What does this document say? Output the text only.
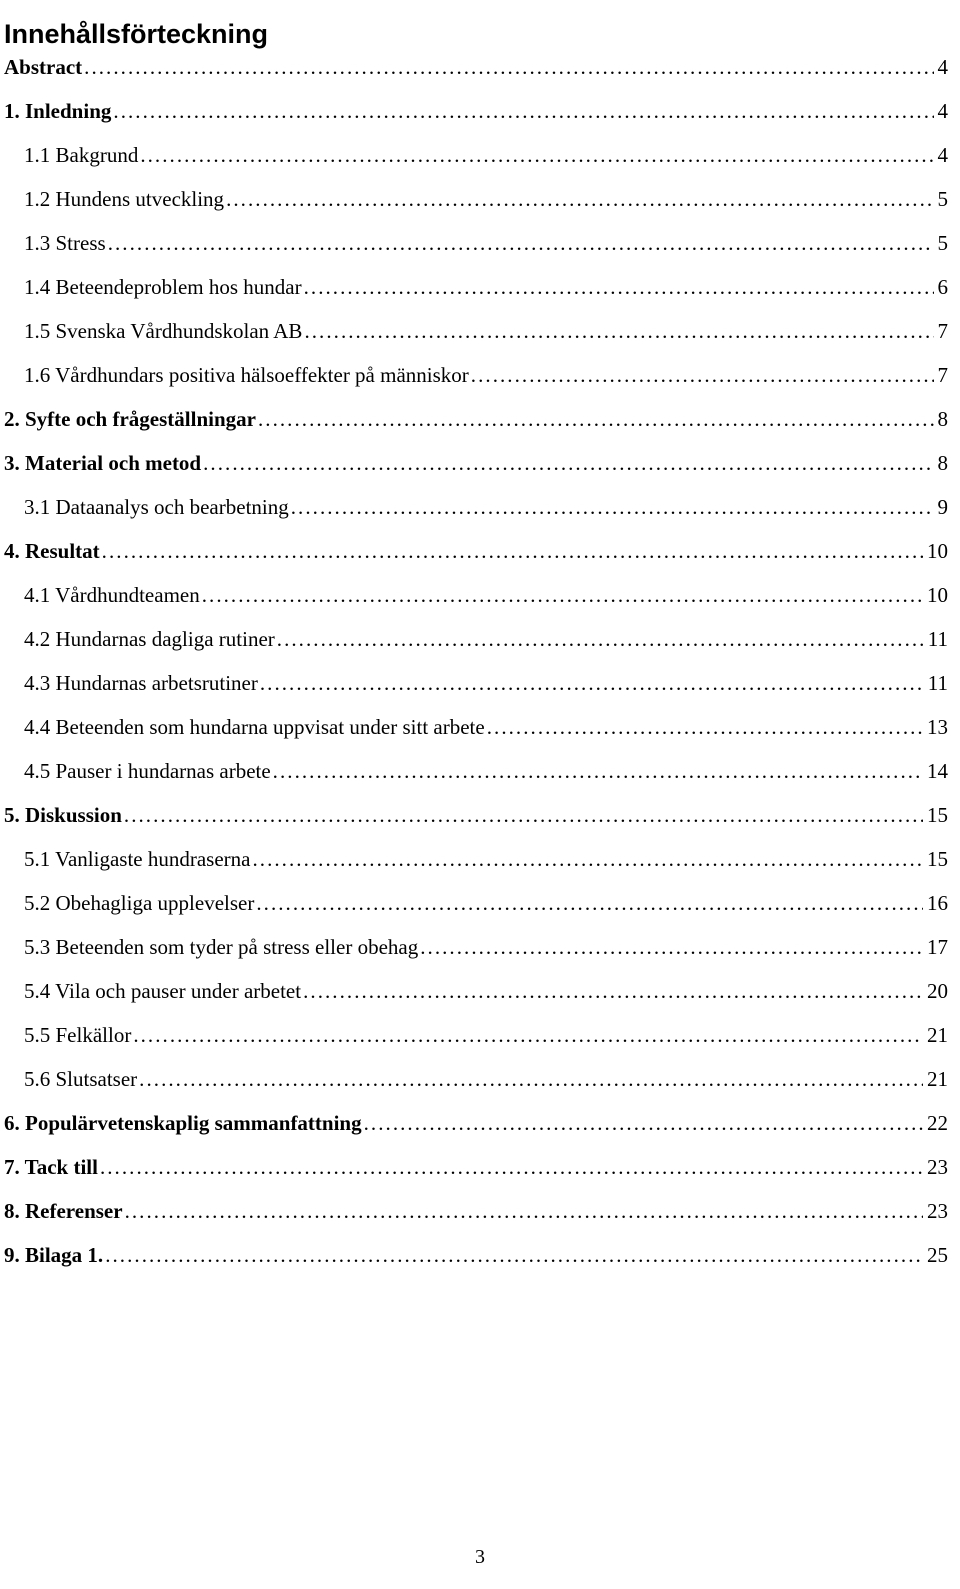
Innehållsförteckning
Abstract . . .	4
1. Inledning . . .	4
1.1 Bakgrund . . .	4
1.2 Hundens utveckling . . .	5
1.3 Stress . . .	5
1.4 Beteendeproblem hos hundar . . .	6
1.5 Svenska Vårdhundskolan AB . . .	7
1.6 Vårdhundars positiva hälsoeffekter på människor . . .	7
2. Syfte och frågeställningar . . .	8
3. Material och metod . . .	8
3.1 Dataanalys och bearbetning . . .	9
4. Resultat . . .	10
4.1 Vårdhundteamen . . .	10
4.2 Hundarnas dagliga rutiner . . .	11
4.3 Hundarnas arbetsrutiner . . .	11
4.4 Beteenden som hundarna uppvisat under sitt arbete . . .	13
4.5 Pauser i hundarnas arbete . . .	14
5. Diskussion . . .	15
5.1 Vanligaste hundraserna . . .	15
5.2 Obehagliga upplevelser . . .	16
5.3 Beteenden som tyder på stress eller obehag . . .	17
5.4 Vila och pauser under arbetet . . .	20
5.5 Felkällor . . .	21
5.6 Slutsatser . . .	21
6. Populärvetenskaplig sammanfattning . . .	22
7. Tack till . . .	23
8. Referenser . . .	23
9. Bilaga 1. . . .	25
3
